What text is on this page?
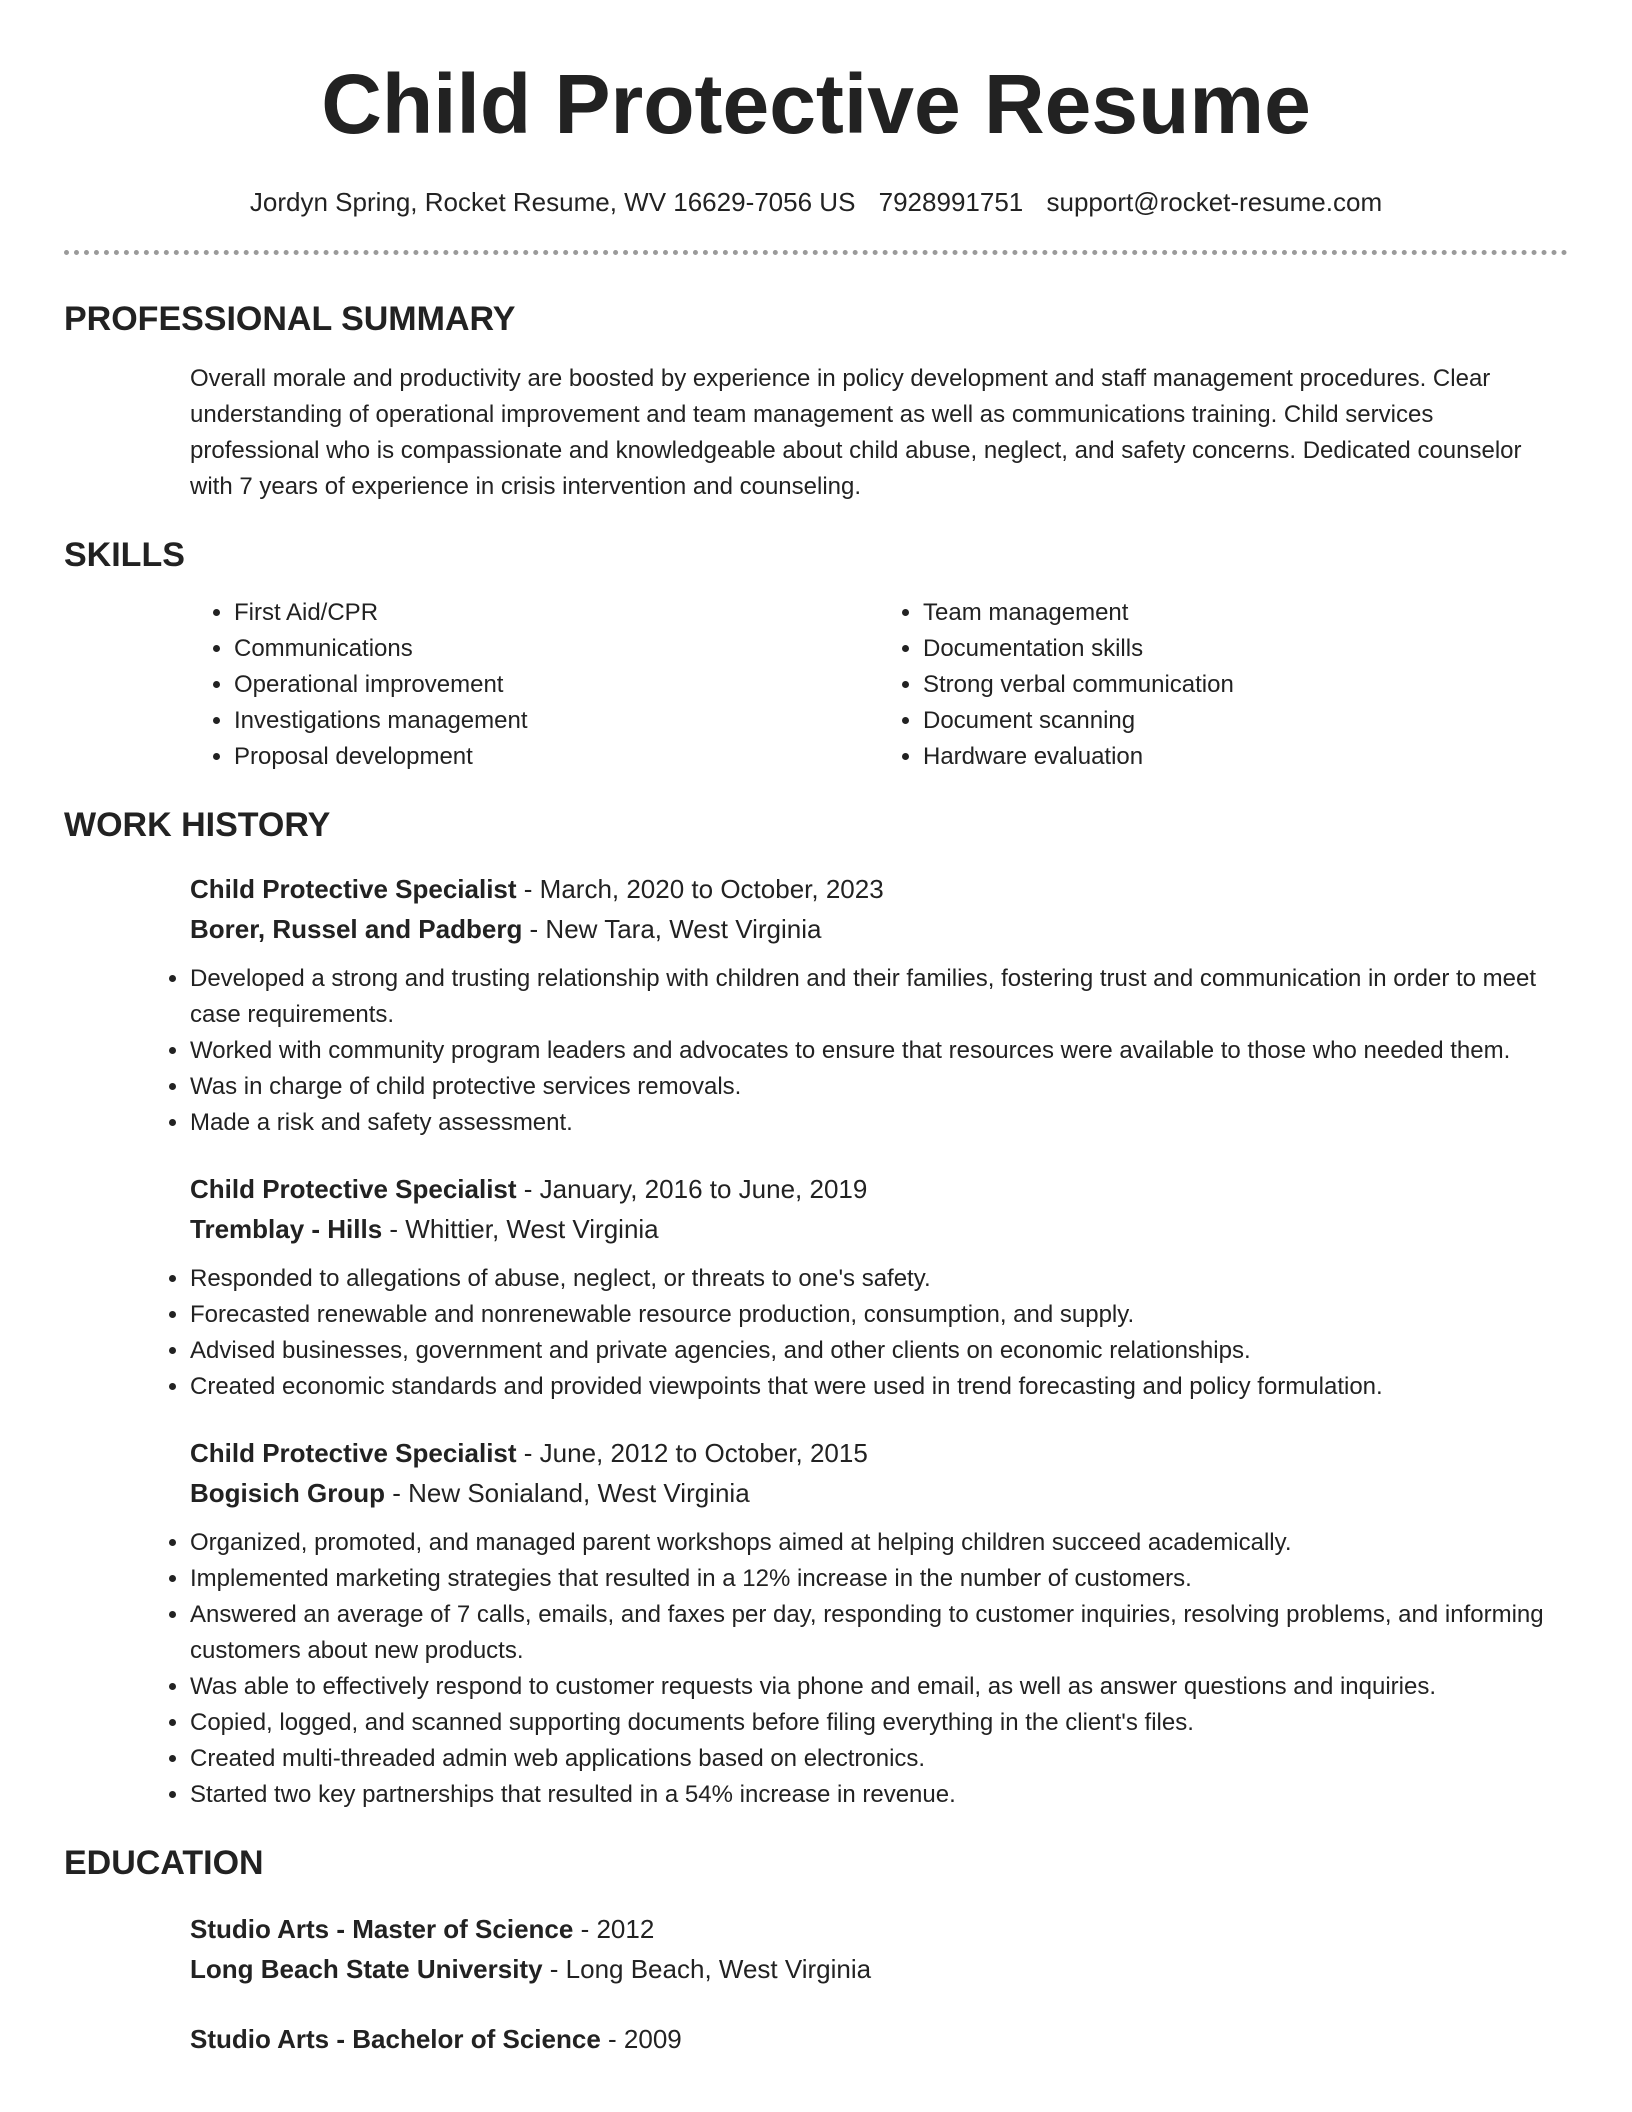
Child Protective Resume
Jordyn Spring, Rocket Resume, WV 16629-7056 US 7928991751 support@rocket-resume.com
PROFESSIONAL SUMMARY

Overall morale and productivity are boosted by experience in policy development and staff management procedures. Clear understanding of operational improvement and team management as well as communications training. Child services professional who is compassionate and knowledgeable about child abuse, neglect, and safety concerns. Dedicated counselor with 7 years of experience in crisis intervention and counseling.

SKILLS
• First Aid/CPR
• Communications
• Operational improvement
• Investigations management
• Proposal development
• Team management
• Documentation skills
• Strong verbal communication
• Document scanning
• Hardware evaluation
WORK HISTORY
Child Protective Specialist - March, 2020 to October, 2023
Borer, Russel and Padberg - New Tara, West Virginia
• Developed a strong and trusting relationship with children and their families, fostering trust and communication in order to meet case requirements.
• Worked with community program leaders and advocates to ensure that resources were available to those who needed them.
• Was in charge of child protective services removals.
• Made a risk and safety assessment.
Child Protective Specialist - January, 2016 to June, 2019
Tremblay - Hills - Whittier, West Virginia
• Responded to allegations of abuse, neglect, or threats to one's safety.
• Forecasted renewable and nonrenewable resource production, consumption, and supply.
• Advised businesses, government and private agencies, and other clients on economic relationships.
• Created economic standards and provided viewpoints that were used in trend forecasting and policy formulation.
Child Protective Specialist - June, 2012 to October, 2015
Bogisich Group - New Sonialand, West Virginia
• Organized, promoted, and managed parent workshops aimed at helping children succeed academically.
• Implemented marketing strategies that resulted in a 12% increase in the number of customers.
• Answered an average of 7 calls, emails, and faxes per day, responding to customer inquiries, resolving problems, and informing customers about new products.
• Was able to effectively respond to customer requests via phone and email, as well as answer questions and inquiries.
• Copied, logged, and scanned supporting documents before filing everything in the client's files.
• Created multi-threaded admin web applications based on electronics.
• Started two key partnerships that resulted in a 54% increase in revenue.
EDUCATION
Studio Arts - Master of Science - 2012
Long Beach State University - Long Beach, West Virginia
Studio Arts - Bachelor of Science - 2009
